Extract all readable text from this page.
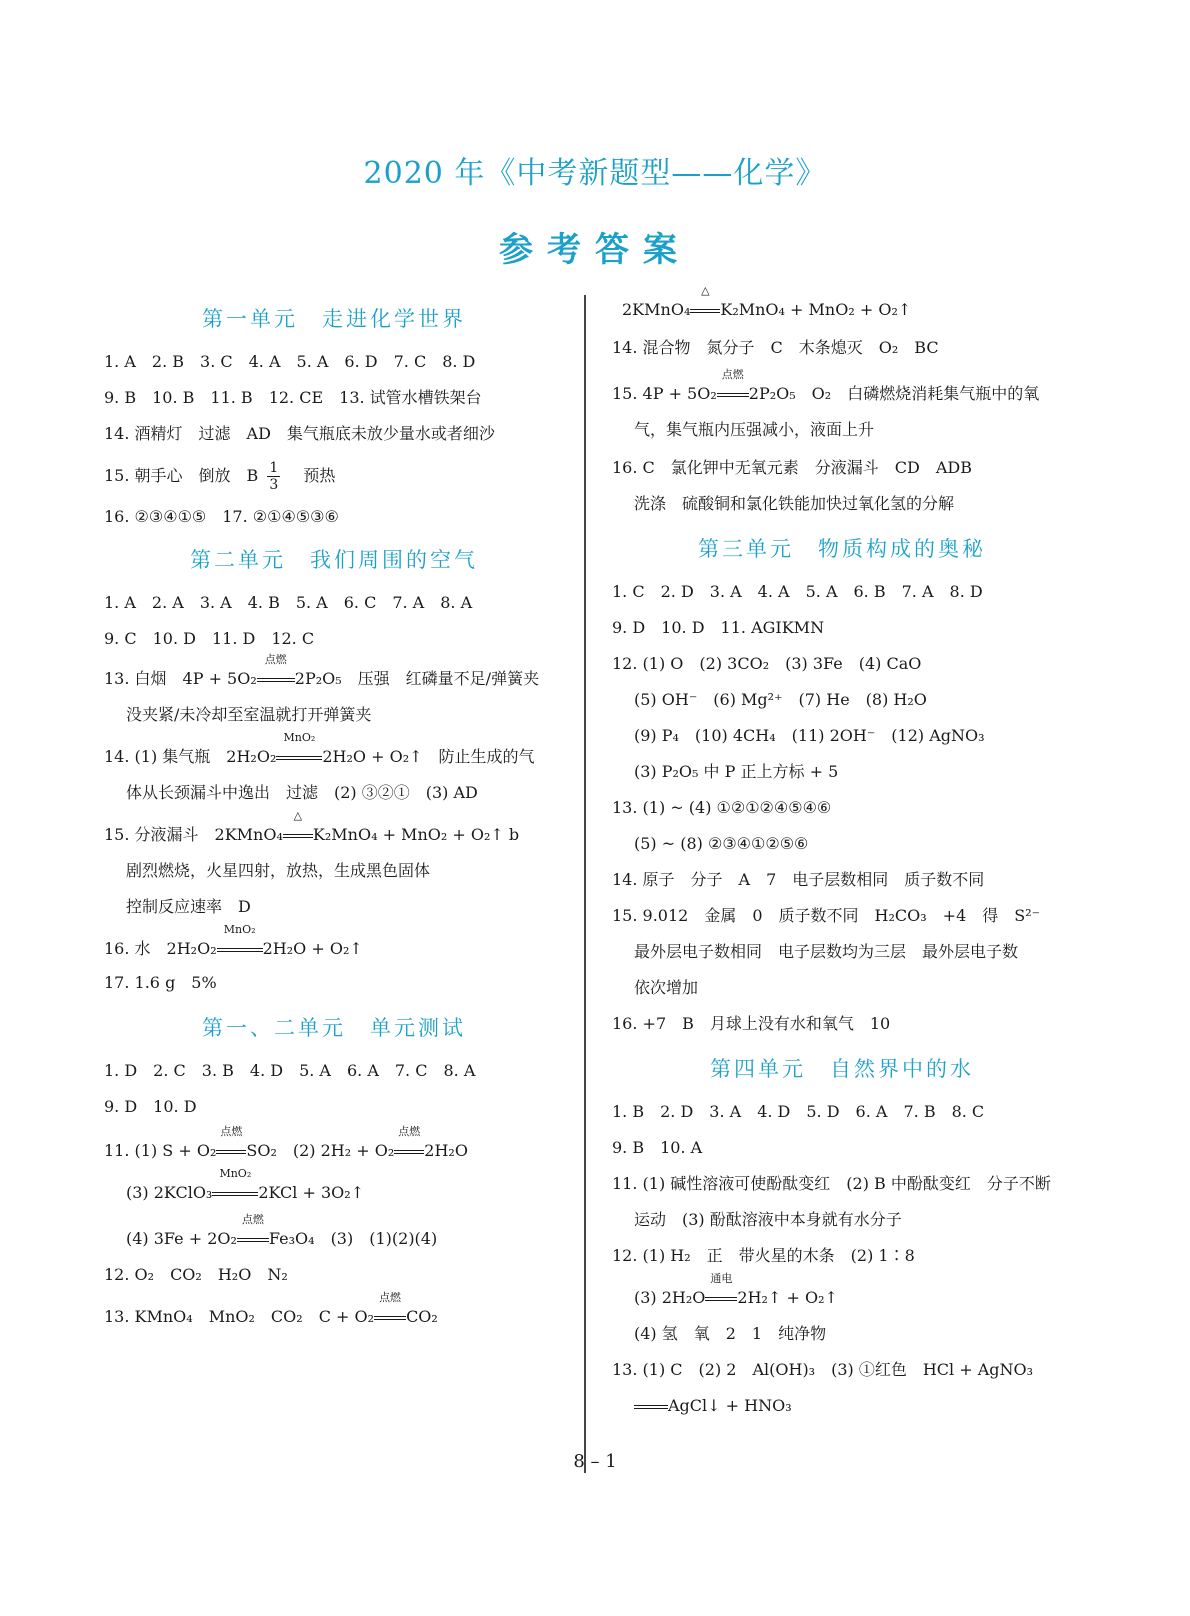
2020 年《中考新题型——化学》
参考答案
第一单元　走进化学世界
1. A　2. B　3. C　4. A　5. A　6. D　7. C　8. D
9. B　10. B　11. B　12. CE　13. 试管水槽铁架台
14. 酒精灯　过滤　AD　集气瓶底未放少量水或者细沙
15. 朝手心　倒放　B $\frac{1}{3}$ 预热
16. ②③④①⑤　17. ②①④⑤③⑥
第二单元　我们周围的空气
1. A　2. A　3. A　4. B　5. A　6. C　7. A　8. A
9. C　10. D　11. D　12. C
13. 白烟　4P + 5O₂
点燃
2P₂O₅　压强　红磷量不足/弹簧夹
没夹紧/未冷却至室温就打开弹簧夹
14. (1) 集气瓶　2H₂O₂
MnO₂
2H₂O + O₂↑　防止生成的气
体从长颈漏斗中逸出　过滤　(2) ③②①　(3) AD
15. 分液漏斗　2KMnO₄
△
K₂MnO₄ + MnO₂ + O₂↑ b
剧烈燃烧，火星四射，放热，生成黑色固体
控制反应速率　D
16. 水　2H₂O₂
MnO₂
2H₂O + O₂↑
17. 1.6 g　5%
第一、二单元　单元测试
1. D　2. C　3. B　4. D　5. A　6. A　7. C　8. A
9. D　10. D
11. (1) S + O₂
点燃
SO₂　(2) 2H₂ + O₂
点燃
2H₂O
(3) 2KClO₃
MnO₂
2KCl + 3O₂↑
(4) 3Fe + 2O₂
点燃
Fe₃O₄　(3)　(1)(2)(4)
12. O₂　CO₂　H₂O　N₂
13. KMnO₄　MnO₂　CO₂　C + O₂
点燃
CO₂
2KMnO₄
△
K₂MnO₄ + MnO₂ + O₂↑
14. 混合物　氮分子　C　木条熄灭　O₂　BC
15. 4P + 5O₂
点燃
2P₂O₅　O₂　白磷燃烧消耗集气瓶中的氧
气，集气瓶内压强减小，液面上升
16. C　氯化钾中无氧元素　分液漏斗　CD　ADB
洗涤　硫酸铜和氯化铁能加快过氧化氢的分解
第三单元　物质构成的奥秘
1. C　2. D　3. A　4. A　5. A　6. B　7. A　8. D
9. D　10. D　11. AGIKMN
12. (1) O　(2) 3CO₂　(3) 3Fe　(4) CaO
(5) OH⁻　(6) Mg²⁺　(7) He　(8) H₂O
(9) P₄　(10) 4CH₄　(11) 2OH⁻　(12) AgNO₃
(3) P₂O₅ 中 P 正上方标 + 5
13. (1) ~ (4) ①②①②④⑤④⑥
(5) ~ (8) ②③④①②⑤⑥
14. 原子　分子　A　7　电子层数相同　质子数不同
15. 9.012　金属　0　质子数不同　H₂CO₃　+4　得　S²⁻
最外层电子数相同　电子层数均为三层　最外层电子数
依次增加
16. +7　B　月球上没有水和氧气　10
第四单元　自然界中的水
1. B　2. D　3. A　4. D　5. D　6. A　7. B　8. C
9. B　10. A
11. (1) 碱性溶液可使酚酞变红　(2) B 中酚酞变红　分子不断
运动　(3) 酚酞溶液中本身就有水分子
12. (1) H₂　正　带火星的木条　(2) 1∶8
(3) 2H₂O
通电
2H₂↑ + O₂↑
(4) 氢　氧　2　1　纯净物
13. (1) C　(2) 2　Al(OH)₃　(3) ①红色　HCl + AgNO₃
AgCl↓ + HNO₃
8 – 1
